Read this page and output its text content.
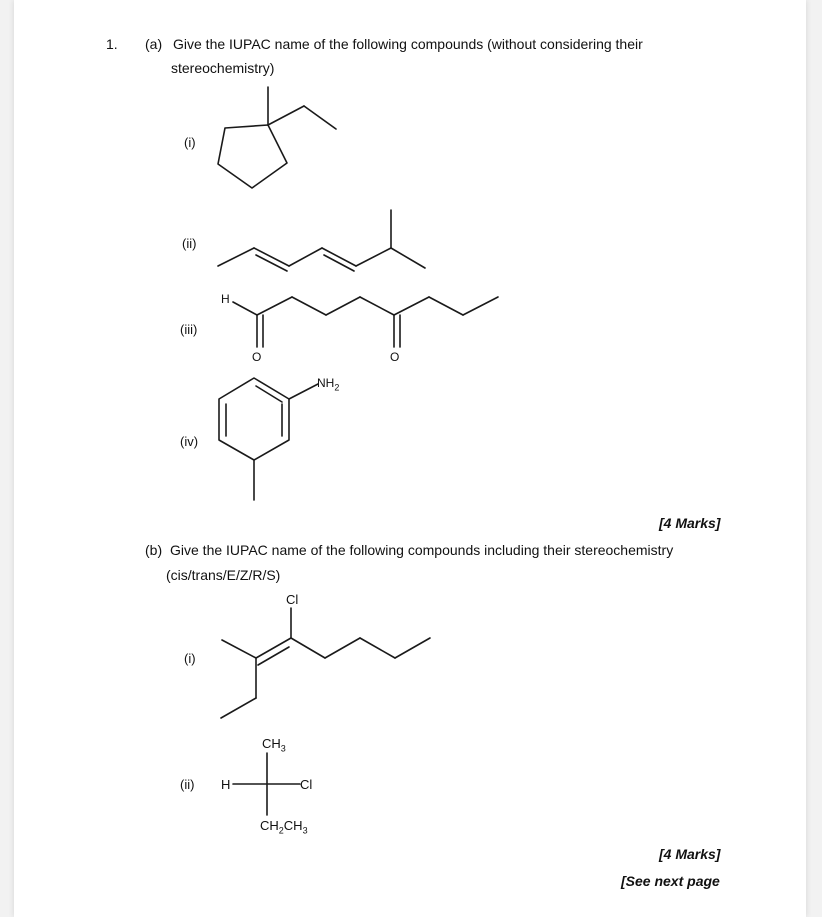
1. (a) Give the IUPAC name of the following compounds (without considering their
stereochemistry)
(i)
(ii)
(iii)
(iv)
[4 Marks]
(b) Give the IUPAC name of the following compounds including their stereochemistry
(cis/trans/E/Z/R/S)
(i)
(ii)
[4 Marks]
[See next page
H
O	O
$NH_2$
Cl
$CH_3$
H	Cl
$CH_2CH_3$
